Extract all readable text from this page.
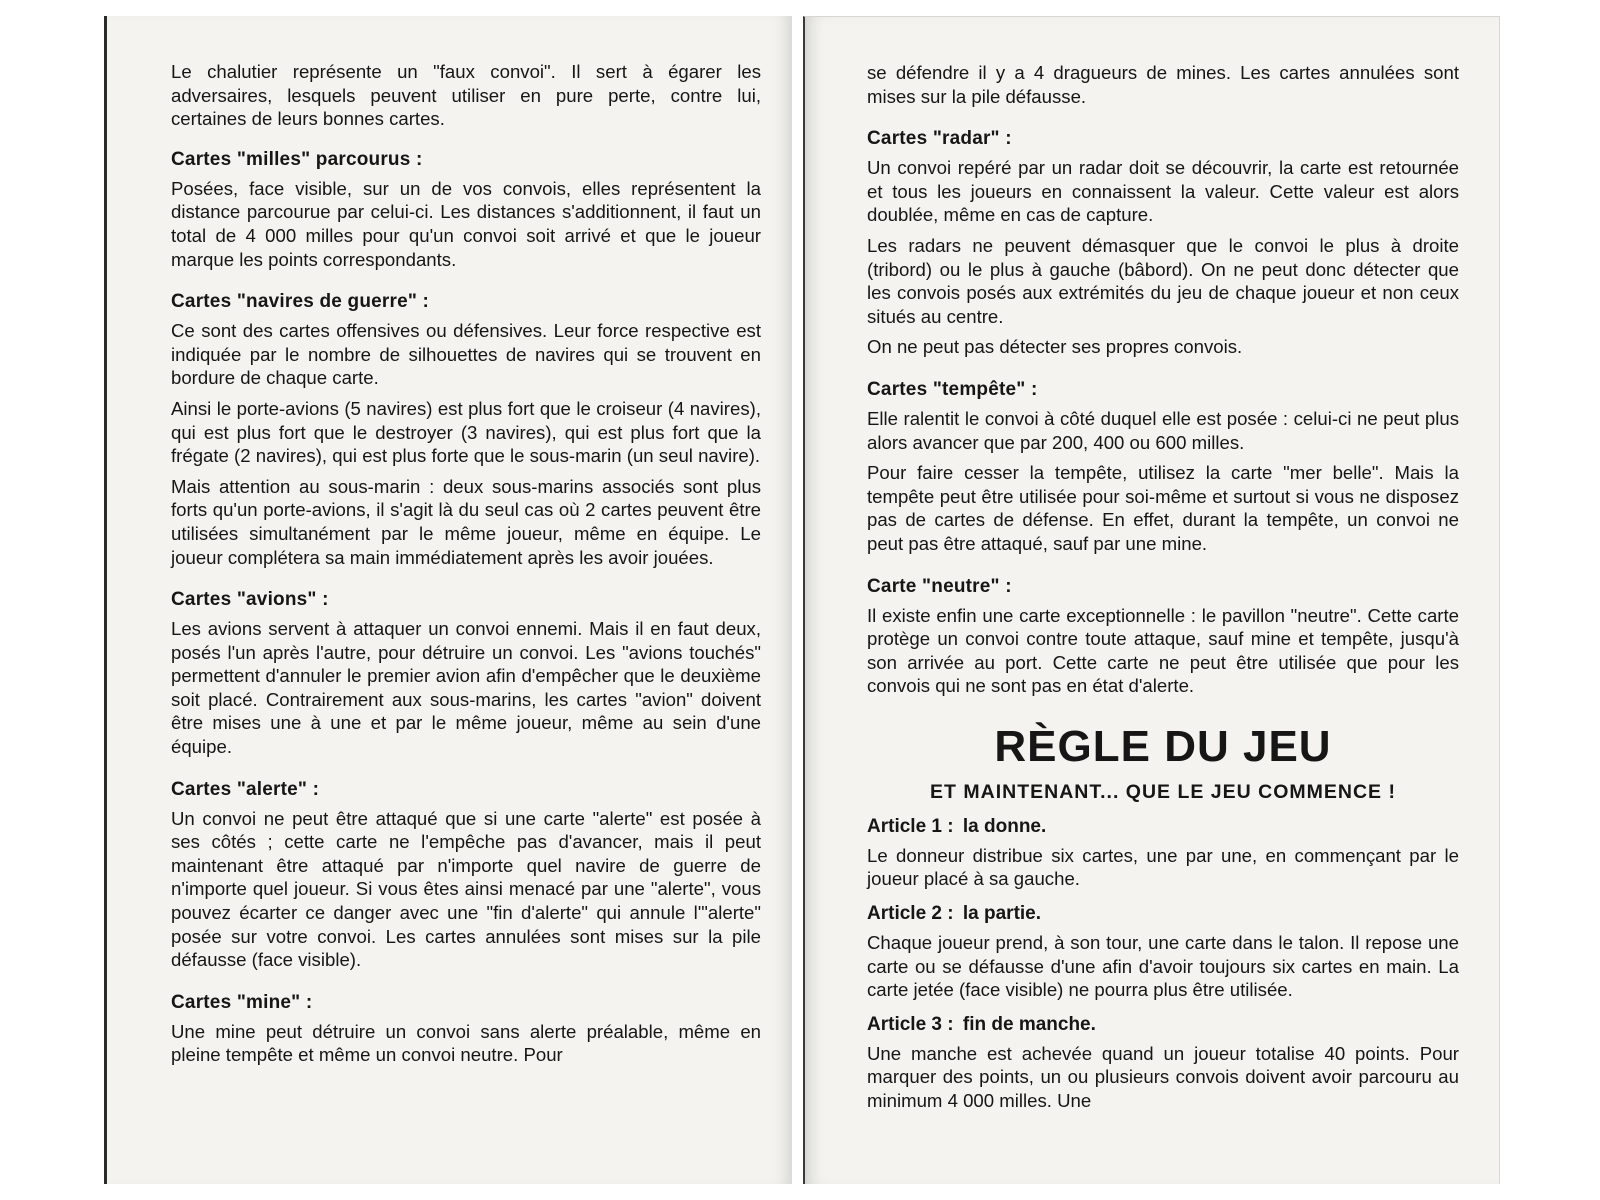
Le chalutier représente un "faux convoi". Il sert à égarer les adversaires, lesquels peuvent utiliser en pure perte, contre lui, certaines de leurs bonnes cartes.

Cartes "milles" parcourus :

Posées, face visible, sur un de vos convois, elles représentent la distance parcourue par celui-ci. Les distances s'additionnent, il faut un total de 4 000 milles pour qu'un convoi soit arrivé et que le joueur marque les points correspondants.

Cartes "navires de guerre" :

Ce sont des cartes offensives ou défensives. Leur force respective est indiquée par le nombre de silhouettes de navires qui se trouvent en bordure de chaque carte.

Ainsi le porte-avions (5 navires) est plus fort que le croiseur (4 navires), qui est plus fort que le destroyer (3 navires), qui est plus fort que la frégate (2 navires), qui est plus forte que le sous-marin (un seul navire).

Mais attention au sous-marin : deux sous-marins associés sont plus forts qu'un porte-avions, il s'agit là du seul cas où 2 cartes peuvent être utilisées simultanément par le même joueur, même en équipe. Le joueur complétera sa main immédiatement après les avoir jouées.

Cartes "avions" :

Les avions servent à attaquer un convoi ennemi. Mais il en faut deux, posés l'un après l'autre, pour détruire un convoi. Les "avions touchés" permettent d'annuler le premier avion afin d'empêcher que le deuxième soit placé. Contrairement aux sous-marins, les cartes "avion" doivent être mises une à une et par le même joueur, même au sein d'une équipe.

Cartes "alerte" :

Un convoi ne peut être attaqué que si une carte "alerte" est posée à ses côtés ; cette carte ne l'empêche pas d'avancer, mais il peut maintenant être attaqué par n'importe quel navire de guerre de n'importe quel joueur. Si vous êtes ainsi menacé par une "alerte", vous pouvez écarter ce danger avec une "fin d'alerte" qui annule l'"alerte" posée sur votre convoi. Les cartes annulées sont mises sur la pile défausse (face visible).

Cartes "mine" :

Une mine peut détruire un convoi sans alerte préalable, même en pleine tempête et même un convoi neutre. Pour

se défendre il y a 4 dragueurs de mines. Les cartes annulées sont mises sur la pile défausse.

Cartes "radar" :

Un convoi repéré par un radar doit se découvrir, la carte est retournée et tous les joueurs en connaissent la valeur. Cette valeur est alors doublée, même en cas de capture.

Les radars ne peuvent démasquer que le convoi le plus à droite (tribord) ou le plus à gauche (bâbord). On ne peut donc détecter que les convois posés aux extrémités du jeu de chaque joueur et non ceux situés au centre.

On ne peut pas détecter ses propres convois.

Cartes "tempête" :

Elle ralentit le convoi à côté duquel elle est posée : celui-ci ne peut plus alors avancer que par 200, 400 ou 600 milles.

Pour faire cesser la tempête, utilisez la carte "mer belle". Mais la tempête peut être utilisée pour soi-même et surtout si vous ne disposez pas de cartes de défense. En effet, durant la tempête, un convoi ne peut pas être attaqué, sauf par une mine.

Carte "neutre" :

Il existe enfin une carte exceptionnelle : le pavillon "neutre". Cette carte protège un convoi contre toute attaque, sauf mine et tempête, jusqu'à son arrivée au port. Cette carte ne peut être utilisée que pour les convois qui ne sont pas en état d'alerte.

RÈGLE DU JEU
ET MAINTENANT... QUE LE JEU COMMENCE !
Article 1 : la donne.

Le donneur distribue six cartes, une par une, en commençant par le joueur placé à sa gauche.

Article 2 : la partie.

Chaque joueur prend, à son tour, une carte dans le talon. Il repose une carte ou se défausse d'une afin d'avoir toujours six cartes en main. La carte jetée (face visible) ne pourra plus être utilisée.

Article 3 : fin de manche.

Une manche est achevée quand un joueur totalise 40 points. Pour marquer des points, un ou plusieurs convois doivent avoir parcouru au minimum 4 000 milles. Une
